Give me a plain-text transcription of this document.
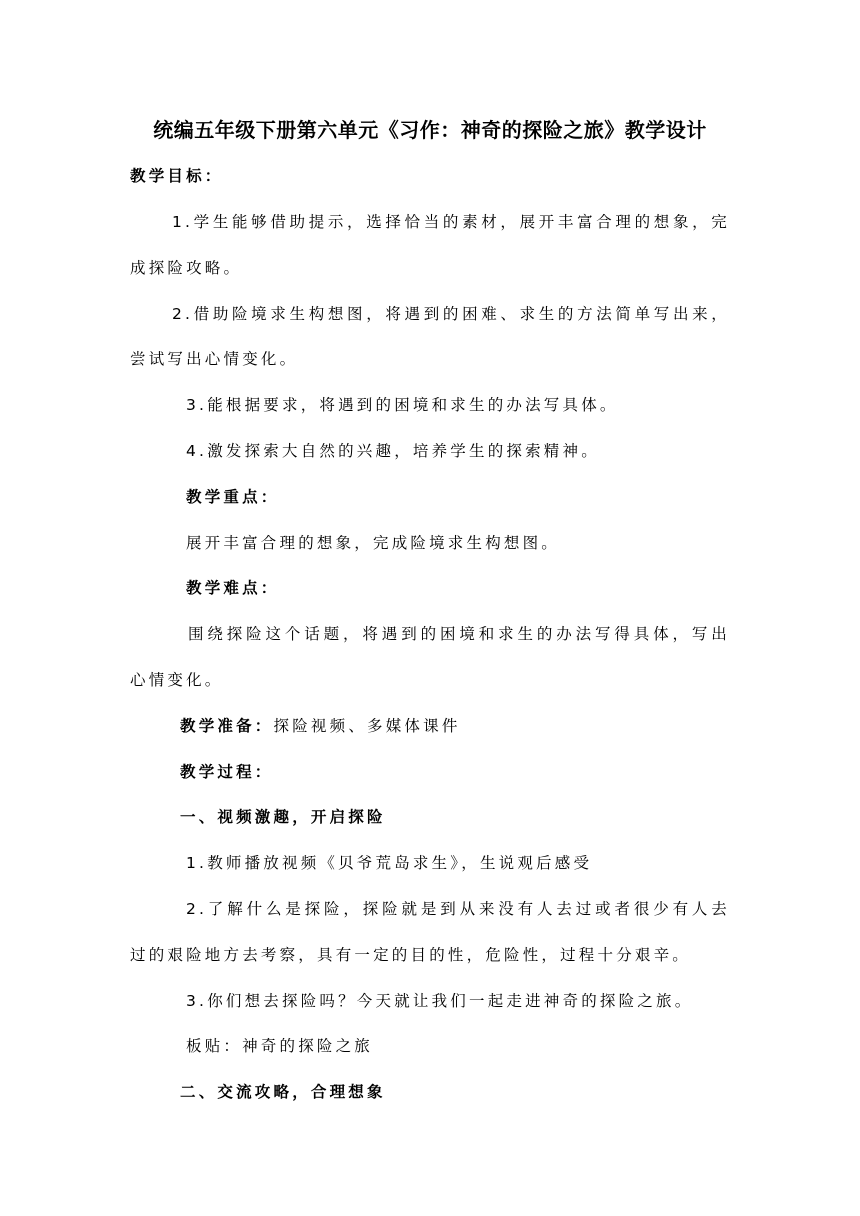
统编五年级下册第六单元《习作：神奇的探险之旅》教学设计
教学目标：
1.学生能够借助提示，选择恰当的素材，展开丰富合理的想象，完
成探险攻略。
2.借助险境求生构想图，将遇到的困难、求生的方法简单写出来，
尝试写出心情变化。
3.能根据要求，将遇到的困境和求生的办法写具体。
4.激发探索大自然的兴趣，培养学生的探索精神。
教学重点：
展开丰富合理的想象，完成险境求生构想图。
教学难点：
围绕探险这个话题，将遇到的困境和求生的办法写得具体，写出
心情变化。
教学准备：探险视频、多媒体课件
教学过程：
一、视频激趣，开启探险
1.教师播放视频《贝爷荒岛求生》，生说观后感受
2.了解什么是探险，探险就是到从来没有人去过或者很少有人去
过的艰险地方去考察，具有一定的目的性，危险性，过程十分艰辛。
3.你们想去探险吗？今天就让我们一起走进神奇的探险之旅。
板贴：神奇的探险之旅
二、交流攻略，合理想象
